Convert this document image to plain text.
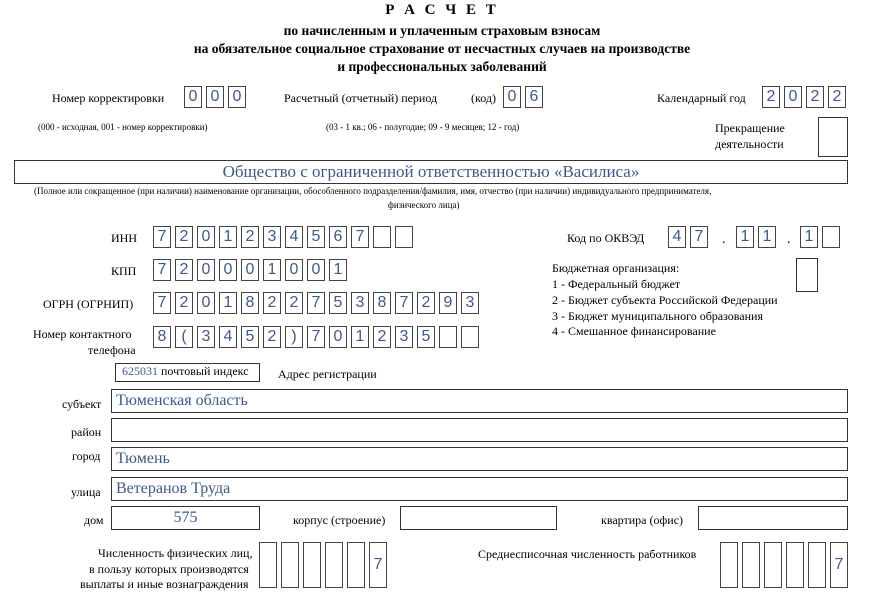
Р А С Ч Е Т
по начисленным и уплаченным страховым взносам
на обязательное социальное страхование от несчастных случаев на производстве
и профессиональных заболеваний
Номер корректировки 0 0 0
(000 - исходная, 001 - номер корректировки)
Расчетный (отчетный) период	(код) 0 6
(03 - 1 кв.; 06 - полугодие; 09 - 9 месяцев; 12 - год)
Календарный год 2 0 2 2
Прекращение
деятельности
Общество с ограниченной ответственностью «Василиса»
(Полное или сокращенное (при наличии) наименование организации, обособленного подразделения/фамилия, имя, отчество (при наличии) индивидуального предпринимателя,
физического лица)
ИНН 7 2 0 1 2 3 4 5 6 7
КПП 7 2 0 0 0 1 0 0 1
ОГРН (ОГРНИП) 7 2 0 1 8 2 2 7 5 3 8 7 2 9 3
Номер контактного
телефона
8 ( 3 4 5 2 ) 7 0 1 2 3 5
Код по ОКВЭД 4 7	. 1 1	. 1
Бюджетная организация:
1 - Федеральный бюджет
2 - Бюджет субъекта Российской Федерации
3 - Бюджет муниципального образования
4 - Смешанное финансирование
625031 почтовый индекс	Адрес регистрации
субъект Тюменская область
район
город Тюмень
улица Ветеранов Труда
дом	575	корпус (строение)	квартира (офис)
Численность физических лиц,
в пользу которых производятся
выплаты и иные вознаграждения
7
Среднесписочная численность работников
7
